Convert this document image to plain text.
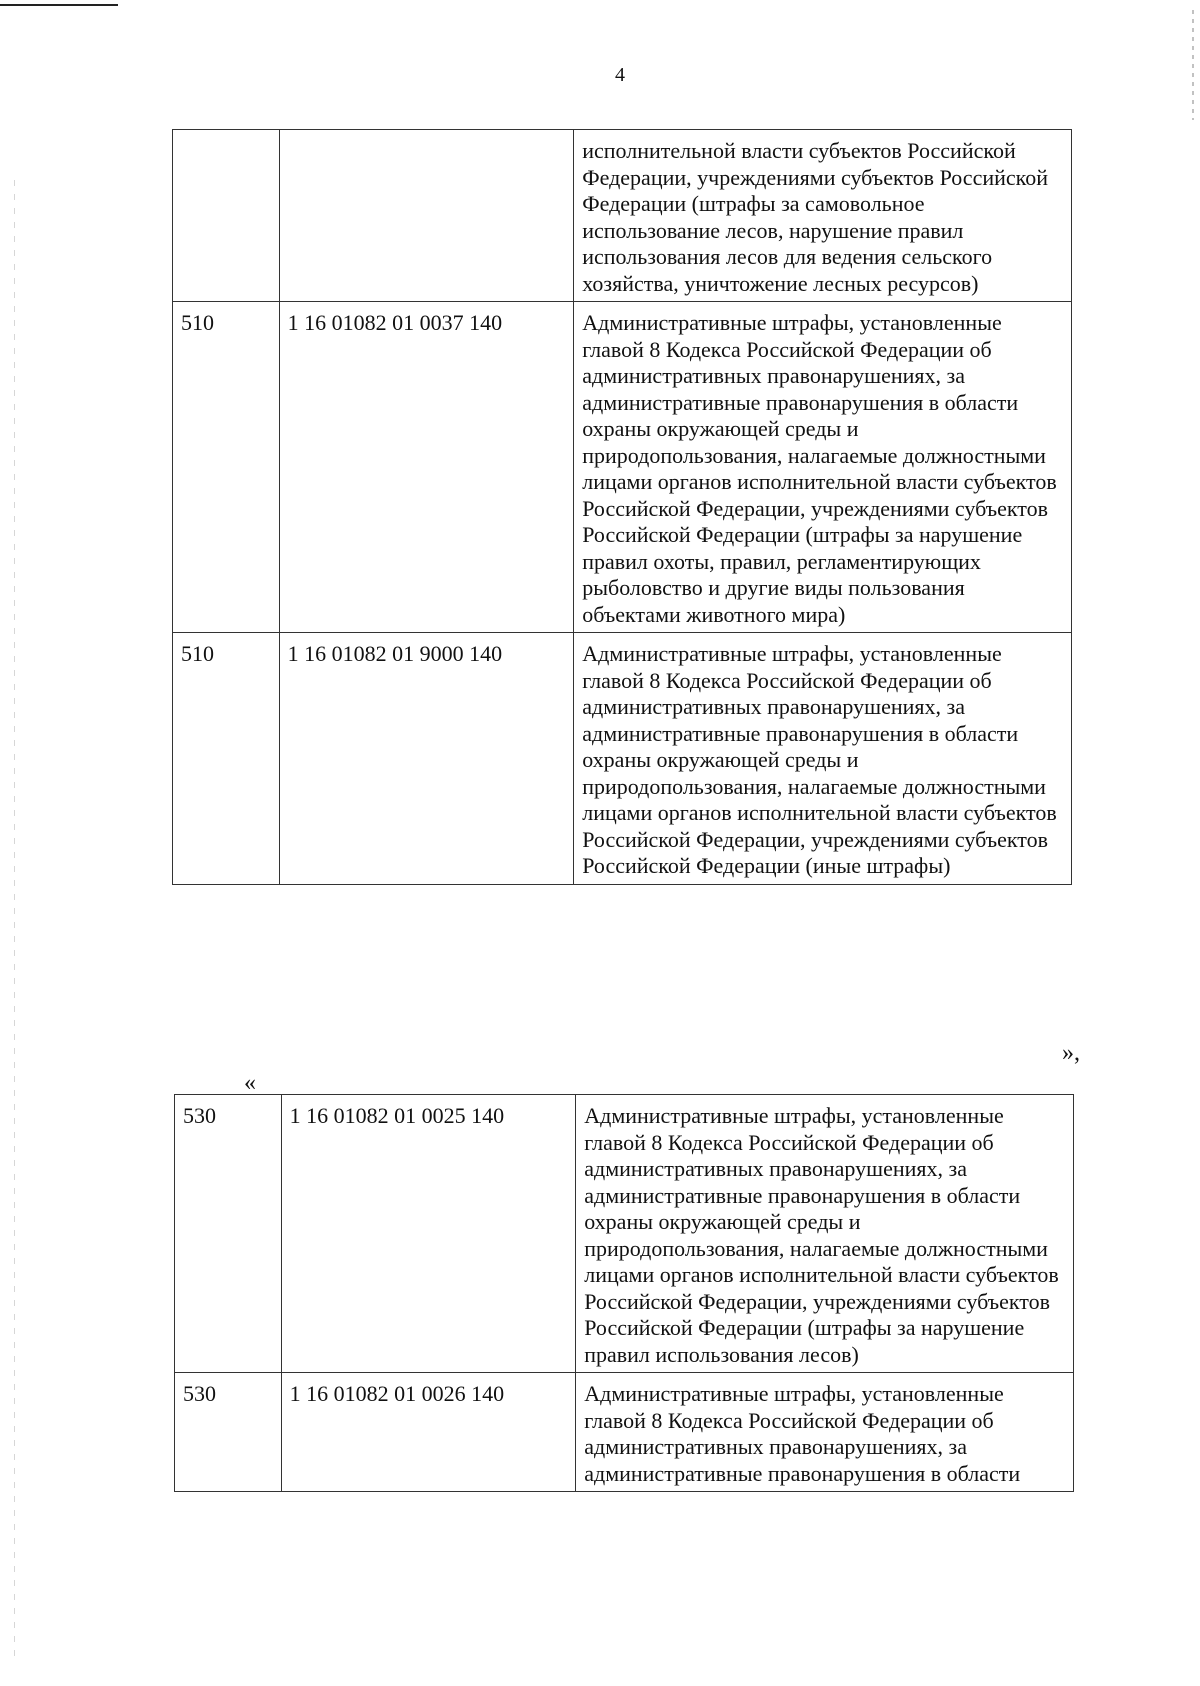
4
		исполнительной власти субъектов Российской Федерации, учреждениями субъектов Российской Федерации (штрафы за самовольное использование лесов, нарушение правил использования лесов для ведения сельского хозяйства, уничтожение лесных ресурсов)
510	1 16 01082 01 0037 140	Административные штрафы, установленные главой 8 Кодекса Российской Федерации об административных правонарушениях, за административные правонарушения в области охраны окружающей среды и природопользования, налагаемые должностными лицами органов исполнительной власти субъектов Российской Федерации, учреждениями субъектов Российской Федерации (штрафы за нарушение правил охоты, правил, регламентирующих рыболовство и другие виды пользования объектами животного мира)
510	1 16 01082 01 9000 140	Административные штрафы, установленные главой 8 Кодекса Российской Федерации об административных правонарушениях, за административные правонарушения в области охраны окружающей среды и природопользования, налагаемые должностными лицами органов исполнительной власти субъектов Российской Федерации, учреждениями субъектов Российской Федерации (иные штрафы)
»,
«
530	1 16 01082 01 0025 140	Административные штрафы, установленные главой 8 Кодекса Российской Федерации об административных правонарушениях, за административные правонарушения в области охраны окружающей среды и природопользования, налагаемые должностными лицами органов исполнительной власти субъектов Российской Федерации, учреждениями субъектов Российской Федерации (штрафы за нарушение правил использования лесов)
530	1 16 01082 01 0026 140	Административные штрафы, установленные главой 8 Кодекса Российской Федерации об административных правонарушениях, за административные правонарушения в области
